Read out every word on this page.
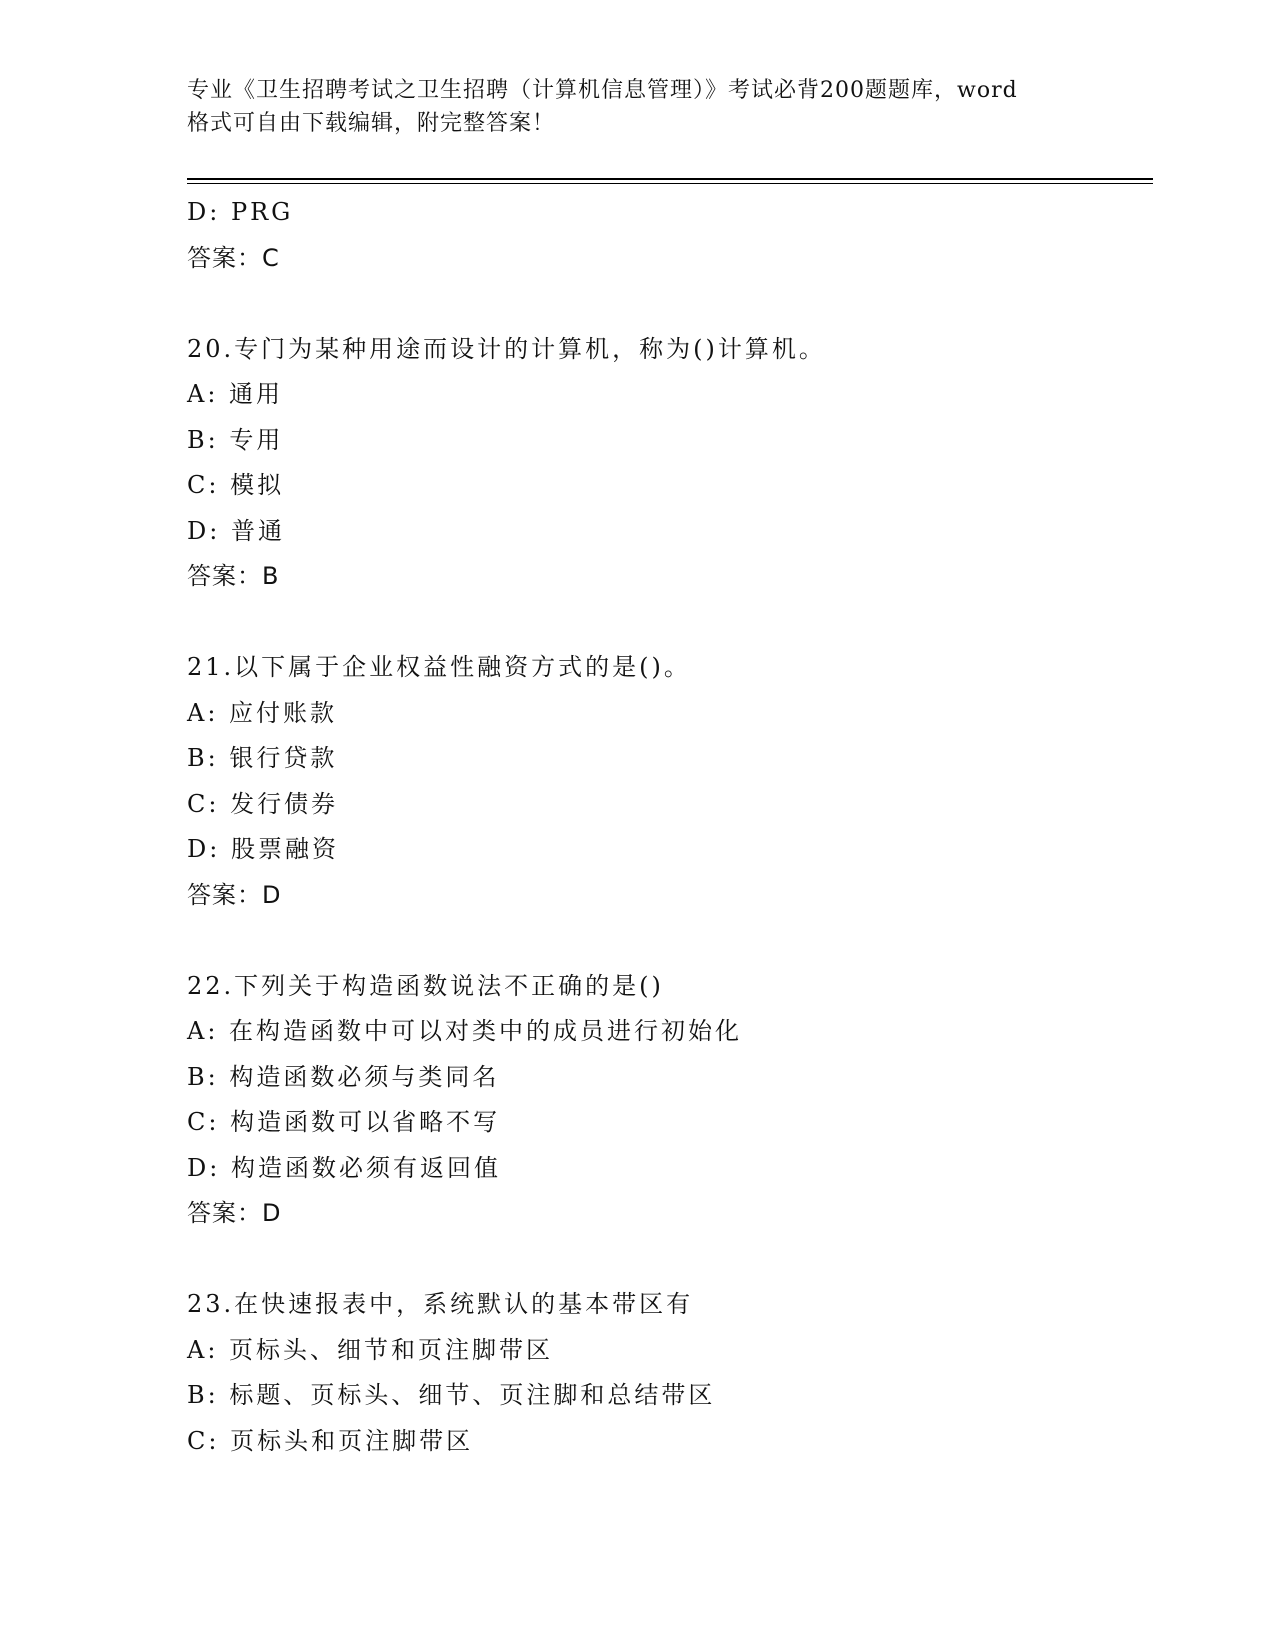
专业《卫生招聘考试之卫生招聘（计算机信息管理）》考试必背200题题库，word
格式可自由下载编辑，附完整答案！
D: PRG
答案：C
20.专门为某种用途而设计的计算机，称为()计算机。
A: 通用
B: 专用
C: 模拟
D: 普通
答案：B
21.以下属于企业权益性融资方式的是()。
A: 应付账款
B: 银行贷款
C: 发行债券
D: 股票融资
答案：D
22.下列关于构造函数说法不正确的是()
A: 在构造函数中可以对类中的成员进行初始化
B: 构造函数必须与类同名
C: 构造函数可以省略不写
D: 构造函数必须有返回值
答案：D
23.在快速报表中，系统默认的基本带区有
A: 页标头、细节和页注脚带区
B: 标题、页标头、细节、页注脚和总结带区
C: 页标头和页注脚带区
